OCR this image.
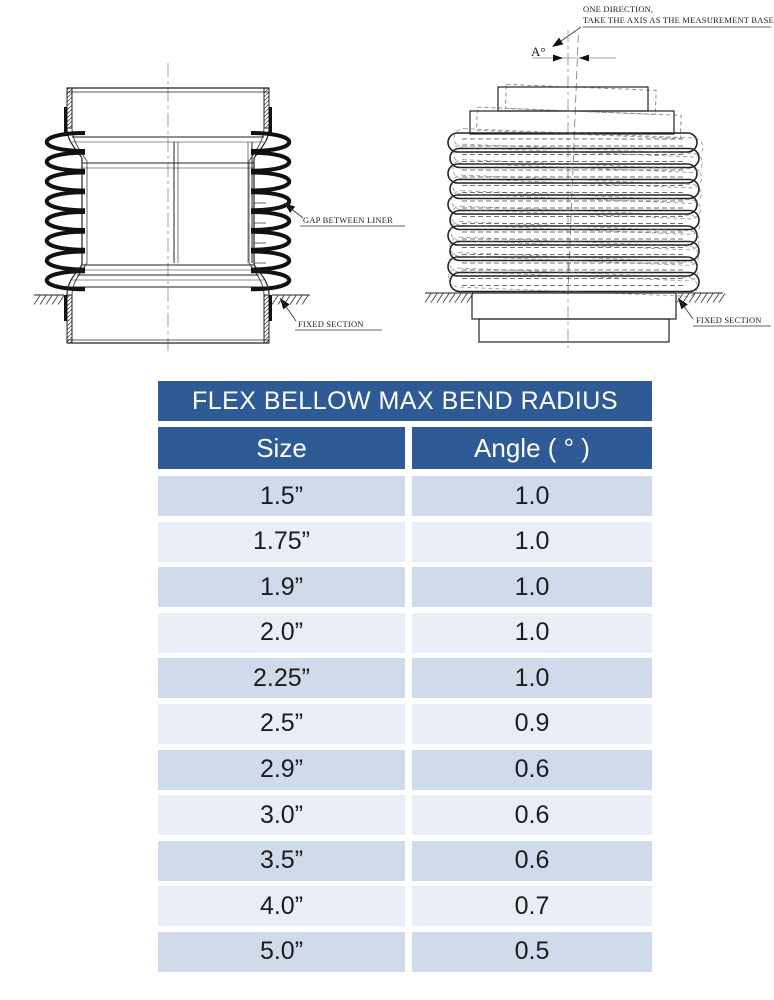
GAP BETWEEN LINER
FIXED SECTION
ONE DIRECTION,
TAKE THE AXIS AS THE MEASUREMENT BASE
A°
FIXED SECTION
FLEX BELLOW MAX BEND RADIUS
Size	Angle ( ° )
1.5”	1.0
1.75”	1.0
1.9”	1.0
2.0”	1.0
2.25”	1.0
2.5”	0.9
2.9”	0.6
3.0”	0.6
3.5”	0.6
4.0”	0.7
5.0”	0.5
